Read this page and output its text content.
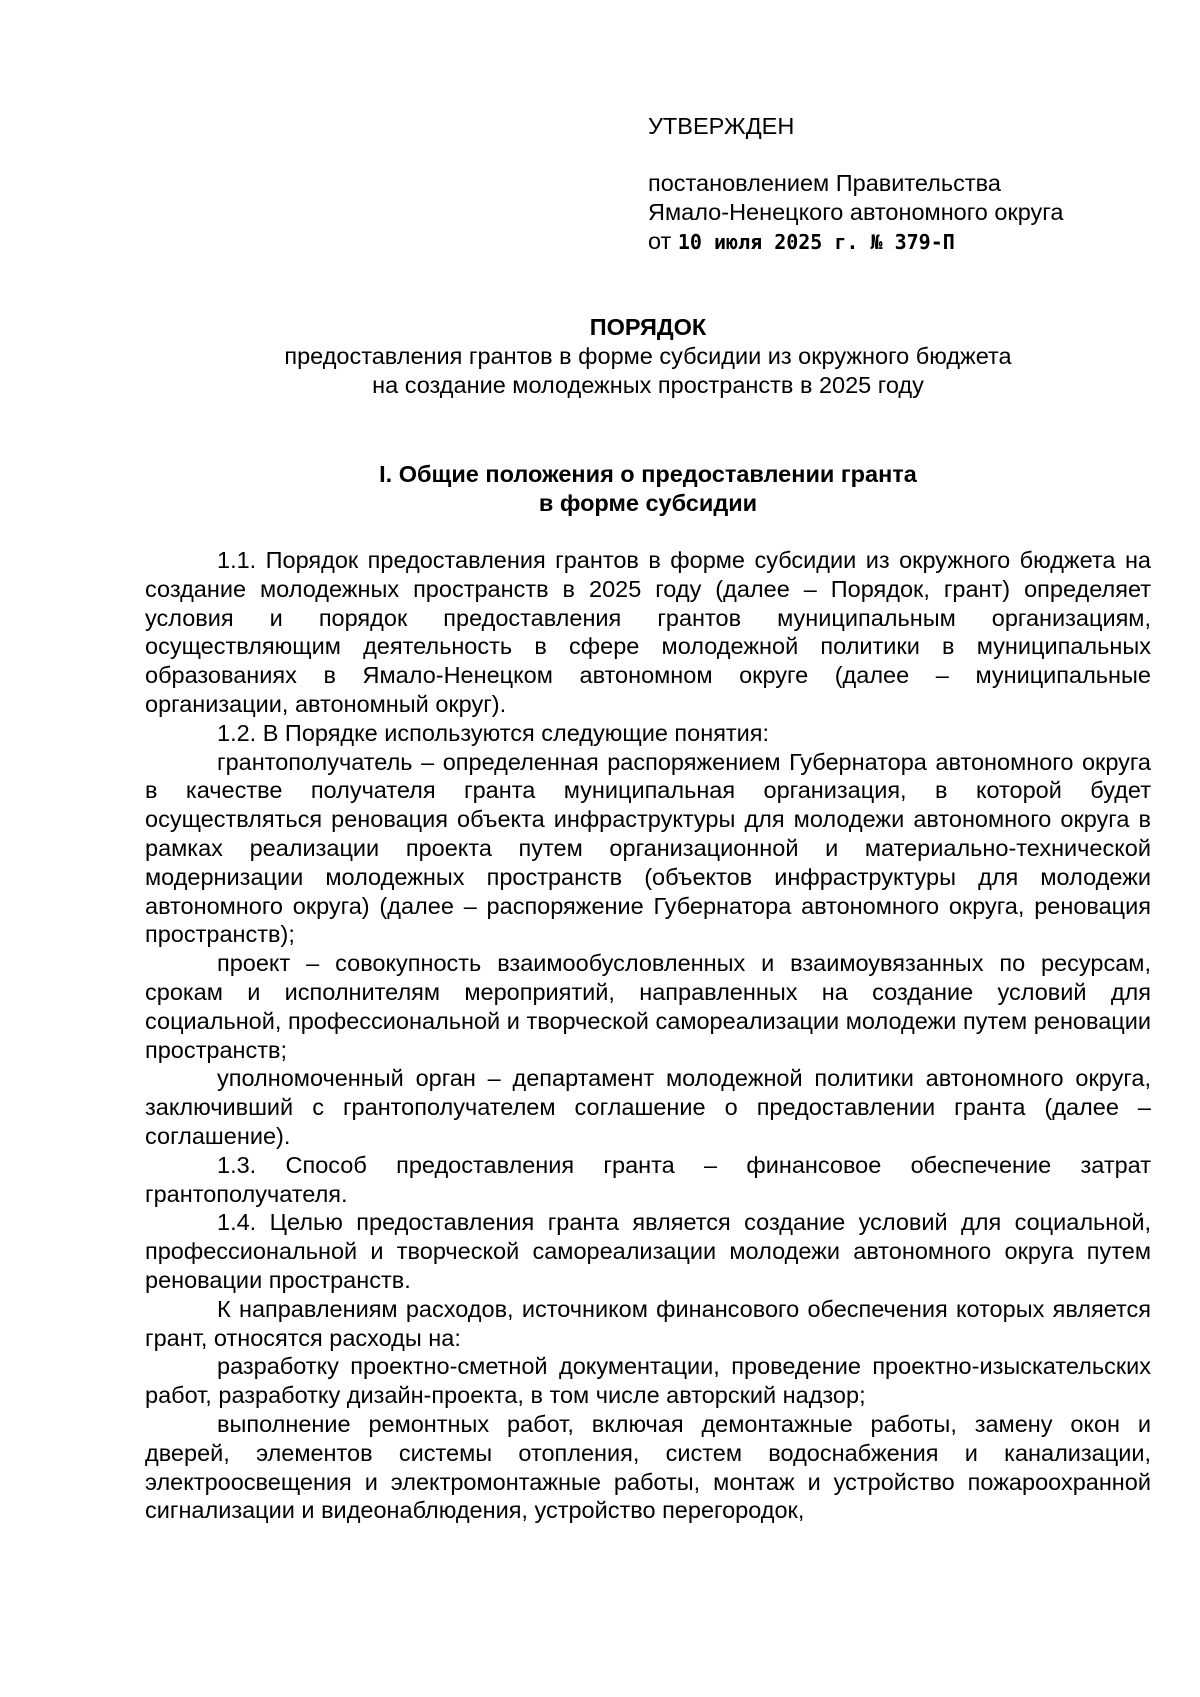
УТВЕРЖДЕН
постановлением Правительства
Ямало-Ненецкого автономного округа
от 10 июля 2025 г. № 379-П
ПОРЯДОК
предоставления грантов в форме субсидии из окружного бюджета
на создание молодежных пространств в 2025 году
I. Общие положения о предоставлении гранта
в форме субсидии

1.1. Порядок предоставления грантов в форме субсидии из окружного бюджета на создание молодежных пространств в 2025 году (далее – Порядок, грант) определяет условия и порядок предоставления грантов муниципальным организациям, осуществляющим деятельность в сфере молодежной политики в муниципальных образованиях в Ямало-Ненецком автономном округе (далее – муниципальные организации, автономный округ).

1.2. В Порядке используются следующие понятия:

грантополучатель – определенная распоряжением Губернатора автономного округа в качестве получателя гранта муниципальная организация, в которой будет осуществляться реновация объекта инфраструктуры для молодежи автономного округа в рамках реализации проекта путем организационной и материально-технической модернизации молодежных пространств (объектов инфраструктуры для молодежи автономного округа) (далее – распоряжение Губернатора автономного округа, реновация пространств);

проект – совокупность взаимообусловленных и взаимоувязанных по ресурсам, срокам и исполнителям мероприятий, направленных на создание условий для социальной, профессиональной и творческой самореализации молодежи путем реновации пространств;

уполномоченный орган – департамент молодежной политики автономного округа, заключивший с грантополучателем соглашение о предоставлении гранта (далее – соглашение).

1.3. Способ предоставления гранта – финансовое обеспечение затрат грантополучателя.

1.4. Целью предоставления гранта является создание условий для социальной, профессиональной и творческой самореализации молодежи автономного округа путем реновации пространств.

К направлениям расходов, источником финансового обеспечения которых является грант, относятся расходы на:

разработку проектно-сметной документации, проведение проектно-изыскательских работ, разработку дизайн-проекта, в том числе авторский надзор;

выполнение ремонтных работ, включая демонтажные работы, замену окон и дверей, элементов системы отопления, систем водоснабжения и канализации, электроосвещения и электромонтажные работы, монтаж и устройство пожароохранной сигнализации и видеонаблюдения, устройство перегородок,
